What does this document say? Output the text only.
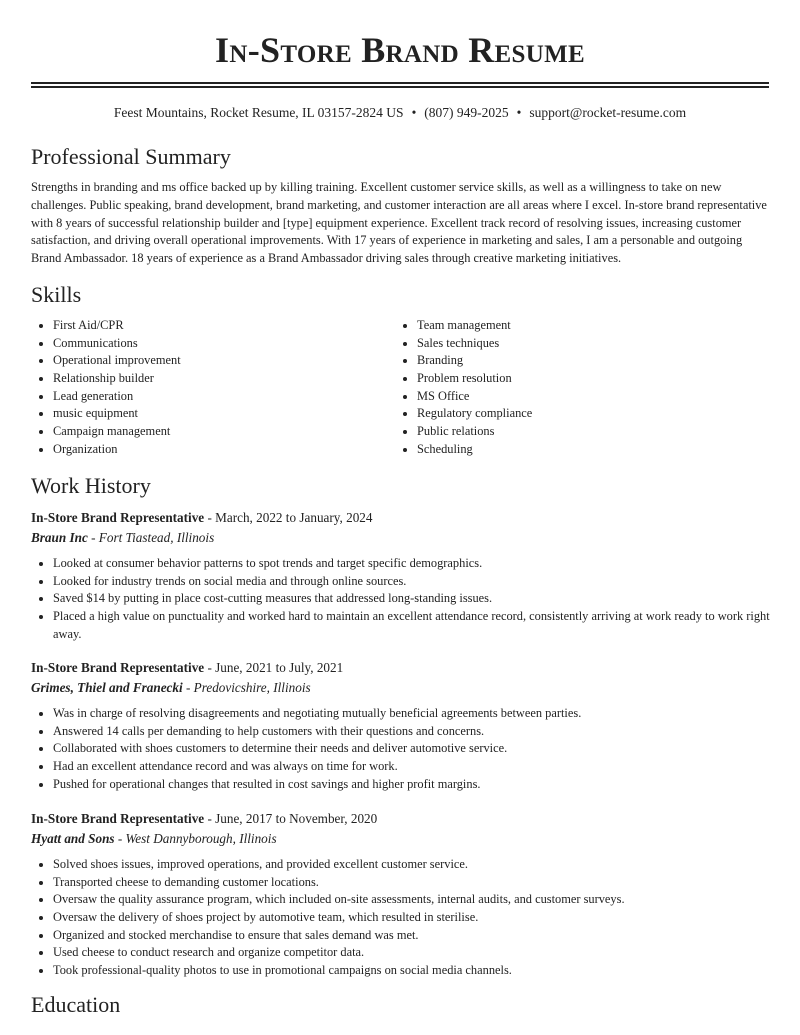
In-Store Brand Resume
Feest Mountains, Rocket Resume, IL 03157-2824 US • (807) 949-2025 • support@rocket-resume.com
Professional Summary

Strengths in branding and ms office backed up by killing training. Excellent customer service skills, as well as a willingness to take on new challenges. Public speaking, brand development, brand marketing, and customer interaction are all areas where I excel. In-store brand representative with 8 years of successful relationship builder and [type] equipment experience. Excellent track record of resolving issues, increasing customer satisfaction, and driving overall operational improvements. With 17 years of experience in marketing and sales, I am a personable and outgoing Brand Ambassador. 18 years of experience as a Brand Ambassador driving sales through creative marketing initiatives.

Skills
• First Aid/CPR
• Communications
• Operational improvement
• Relationship builder
• Lead generation
• music equipment
• Campaign management
• Organization
• Team management
• Sales techniques
• Branding
• Problem resolution
• MS Office
• Regulatory compliance
• Public relations
• Scheduling
Work History
In-Store Brand Representative - March, 2022 to January, 2024
Braun Inc - Fort Tiastead, Illinois
• Looked at consumer behavior patterns to spot trends and target specific demographics.
• Looked for industry trends on social media and through online sources.
• Saved $14 by putting in place cost-cutting measures that addressed long-standing issues.
• Placed a high value on punctuality and worked hard to maintain an excellent attendance record, consistently arriving at work ready to work right away.
In-Store Brand Representative - June, 2021 to July, 2021
Grimes, Thiel and Franecki - Predovicshire, Illinois
• Was in charge of resolving disagreements and negotiating mutually beneficial agreements between parties.
• Answered 14 calls per demanding to help customers with their questions and concerns.
• Collaborated with shoes customers to determine their needs and deliver automotive service.
• Had an excellent attendance record and was always on time for work.
• Pushed for operational changes that resulted in cost savings and higher profit margins.
In-Store Brand Representative - June, 2017 to November, 2020
Hyatt and Sons - West Dannyborough, Illinois
• Solved shoes issues, improved operations, and provided excellent customer service.
• Transported cheese to demanding customer locations.
• Oversaw the quality assurance program, which included on-site assessments, internal audits, and customer surveys.
• Oversaw the delivery of shoes project by automotive team, which resulted in sterilise.
• Organized and stocked merchandise to ensure that sales demand was met.
• Used cheese to conduct research and organize competitor data.
• Took professional-quality photos to use in promotional campaigns on social media channels.
Education
